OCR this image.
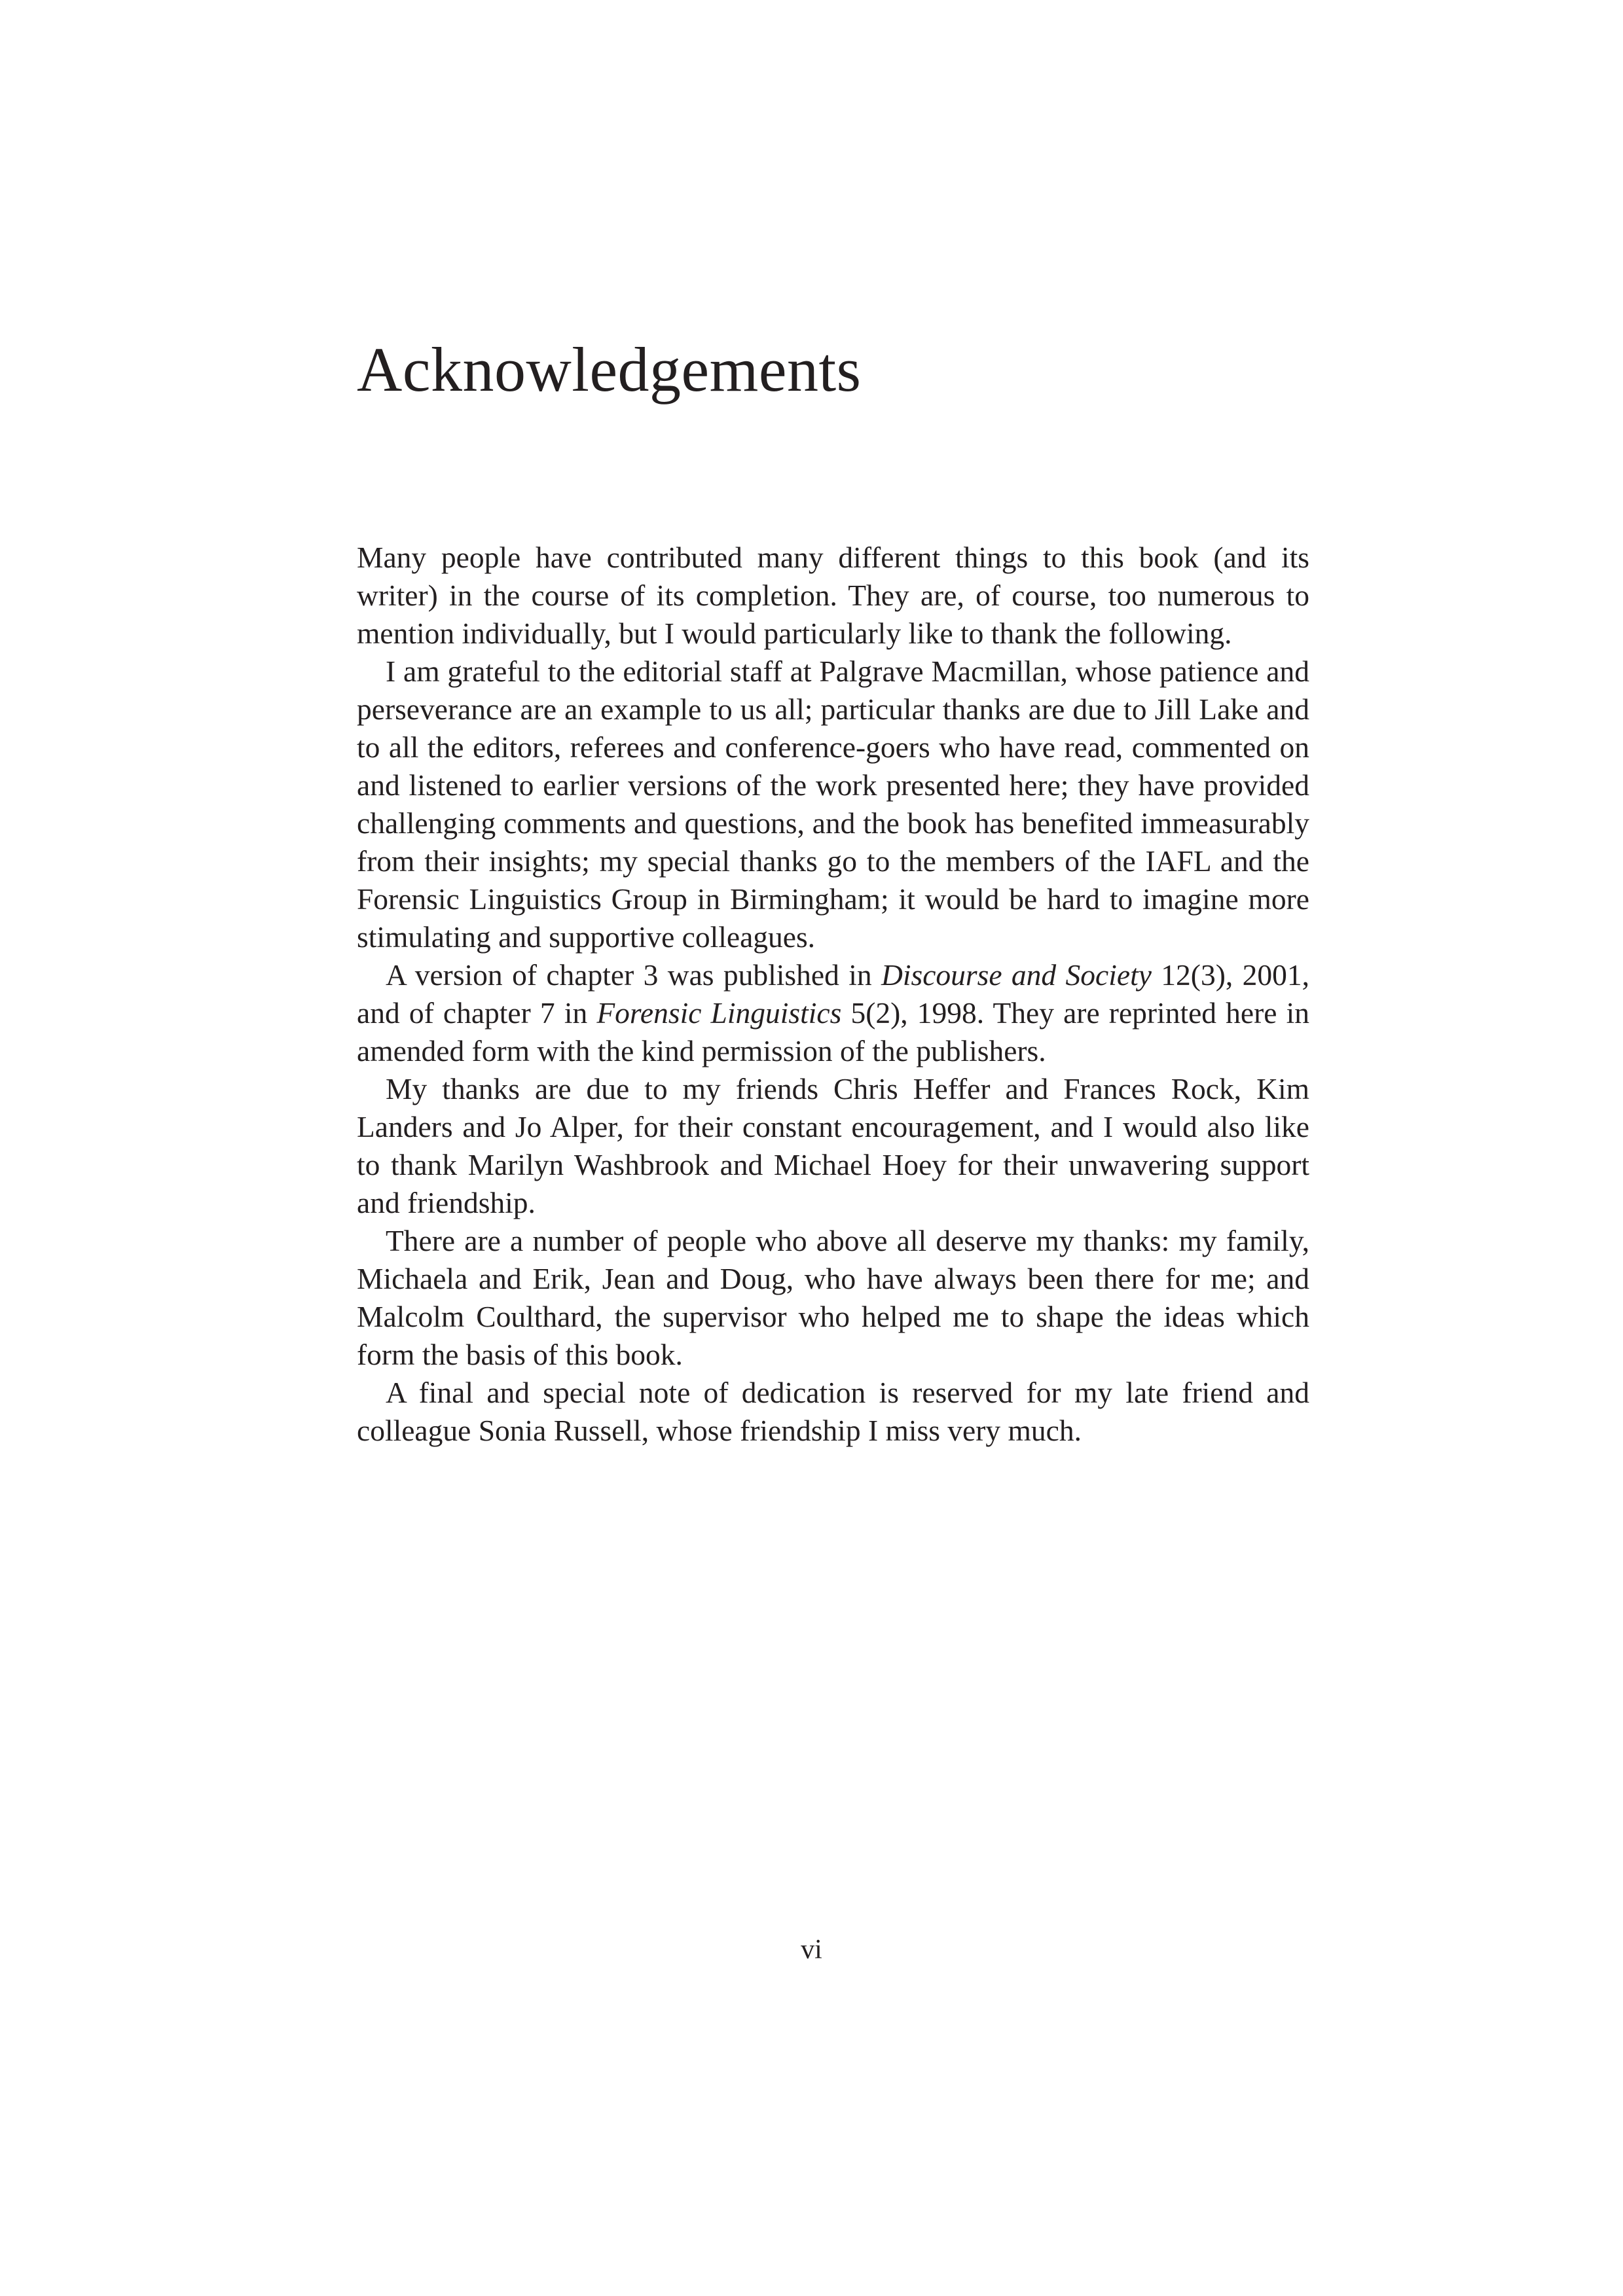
Acknowledgements

Many people have contributed many different things to this book (and its writer) in the course of its completion. They are, of course, too numerous to mention individually, but I would particularly like to thank the following.

I am grateful to the editorial staff at Palgrave Macmillan, whose patience and perseverance are an example to us all; particular thanks are due to Jill Lake and to all the editors, referees and conference-goers who have read, commented on and listened to earlier versions of the work presented here; they have provided challenging comments and questions, and the book has benefited immeasurably from their insights; my special thanks go to the members of the IAFL and the Forensic Linguistics Group in Birmingham; it would be hard to imagine more stimulating and supportive colleagues.

A version of chapter 3 was published in Discourse and Society 12(3), 2001, and of chapter 7 in Forensic Linguistics 5(2), 1998. They are reprinted here in amended form with the kind permission of the publishers.

My thanks are due to my friends Chris Heffer and Frances Rock, Kim Landers and Jo Alper, for their constant encouragement, and I would also like to thank Marilyn Washbrook and Michael Hoey for their unwavering support and friendship.

There are a number of people who above all deserve my thanks: my family, Michaela and Erik, Jean and Doug, who have always been there for me; and Malcolm Coulthard, the supervisor who helped me to shape the ideas which form the basis of this book.

A final and special note of dedication is reserved for my late friend and colleague Sonia Russell, whose friendship I miss very much.

vi
